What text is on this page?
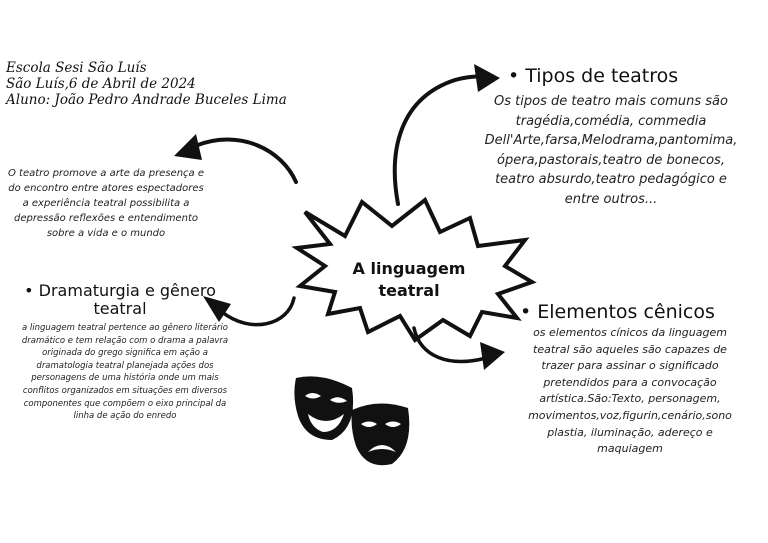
Escola Sesi São Luís
São Luís,6 de Abril de 2024
Aluno: João Pedro Andrade Buceles Lima
O teatro promove a arte da presença e do encontro entre atores espectadores a experiência teatral possibilita a depressão reflexões e entendimento sobre a vida e o mundo
• Tipos de teatros
Os tipos de teatro mais comuns são tragédia,comédia, commedia Dell'Arte,farsa,Melodrama,pantomima, ópera,pastorais,teatro de bonecos, teatro absurdo,teatro pedagógico e entre outros...
• Dramaturgia e gênero teatral
a linguagem teatral pertence ao gênero literário dramático e tem relação com o drama a palavra originada do grego significa em ação a dramatologia teatral planejada ações dos personagens de uma história onde um mais conflitos organizados em situações em diversos componentes que compõem o eixo principal da linha de ação do enredo
• Elementos cênicos
os elementos cínicos da linguagem teatral são aqueles são capazes de trazer para assinar o significado pretendidos para a convocação artística.São:Texto, personagem, movimentos,voz,figurin,cenário,sono plastia, iluminação, adereço e maquiagem
A linguagem
teatral
